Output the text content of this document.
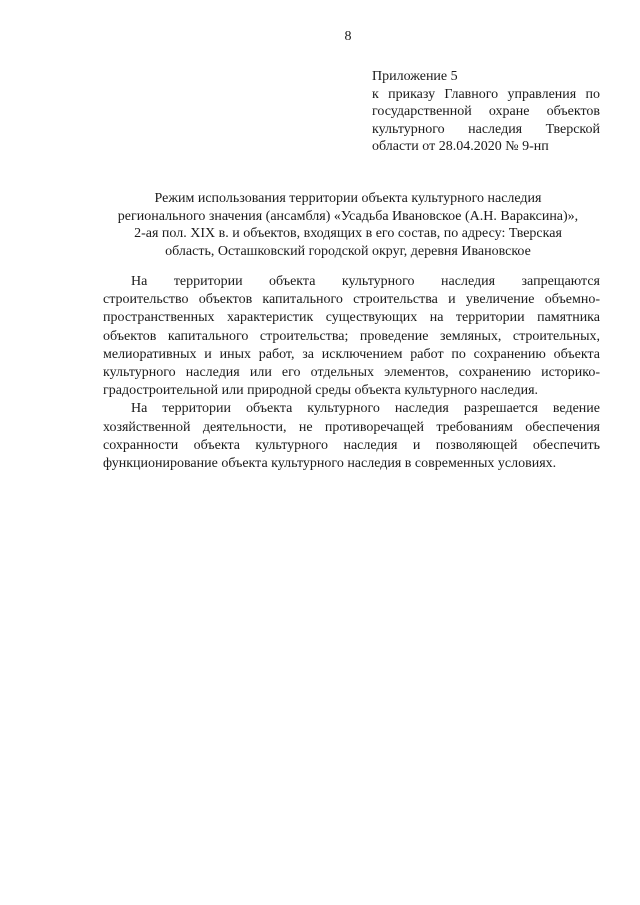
8
Приложение 5
к приказу Главного управления по
государственной охране объектов
культурного наследия Тверской
области от 28.04.2020 № 9-нп
Режим использования территории объекта культурного наследия
регионального значения (ансамбля) «Усадьба Ивановское (А.Н. Вараксина)»,
2-ая пол. XIX в. и объектов, входящих в его состав, по адресу: Тверская
область, Осташковский городской округ, деревня Ивановское
На территории объекта культурного наследия запрещаются
строительство объектов капитального строительства и увеличение объемно-
пространственных характеристик существующих на территории памятника
объектов капитального строительства; проведение земляных, строительных,
мелиоративных и иных работ, за исключением работ по сохранению объекта
культурного наследия или его отдельных элементов, сохранению историко-
градостроительной или природной среды объекта культурного наследия.
На территории объекта культурного наследия разрешается ведение
хозяйственной деятельности, не противоречащей требованиям обеспечения
сохранности объекта культурного наследия и позволяющей обеспечить
функционирование объекта культурного наследия в современных условиях.
